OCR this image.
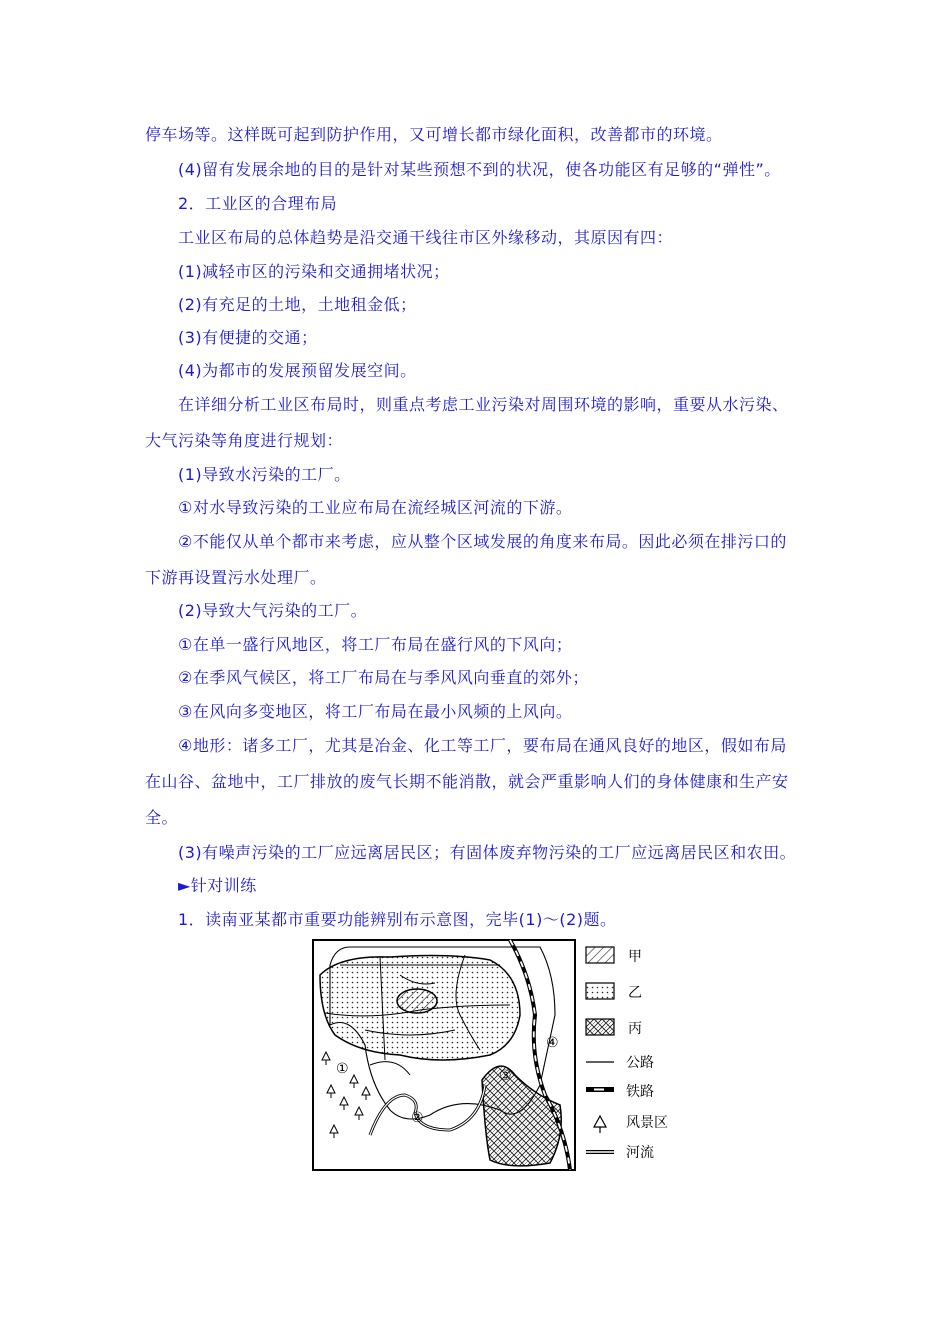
停车场等。这样既可起到防护作用，又可增长都市绿化面积，改善都市的环境。
(4)留有发展余地的目的是针对某些预想不到的状况，使各功能区有足够的“弹性”。
2．工业区的合理布局
工业区布局的总体趋势是沿交通干线往市区外缘移动，其原因有四：
(1)减轻市区的污染和交通拥堵状况；
(2)有充足的土地，土地租金低；
(3)有便捷的交通；
(4)为都市的发展预留发展空间。
在详细分析工业区布局时，则重点考虑工业污染对周围环境的影响，重要从水污染、
大气污染等角度进行规划：
(1)导致水污染的工厂。
①对水导致污染的工业应布局在流经城区河流的下游。
②不能仅从单个都市来考虑，应从整个区域发展的角度来布局。因此必须在排污口的
下游再设置污水处理厂。
(2)导致大气污染的工厂。
①在单一盛行风地区，将工厂布局在盛行风的下风向；
②在季风气候区，将工厂布局在与季风风向垂直的郊外；
③在风向多变地区，将工厂布局在最小风频的上风向。
④地形：诸多工厂，尤其是冶金、化工等工厂，要布局在通风良好的地区，假如布局
在山谷、盆地中，工厂排放的废气长期不能消散，就会严重影响人们的身体健康和生产安
全。
(3)有噪声污染的工厂应远离居民区；有固体废弃物污染的工厂应远离居民区和农田。
►针对训练
1．读南亚某都市重要功能辨别布示意图，完毕(1)～(2)题。
①
②
③
④
甲
乙
丙
公路
铁路
风景区
河流
